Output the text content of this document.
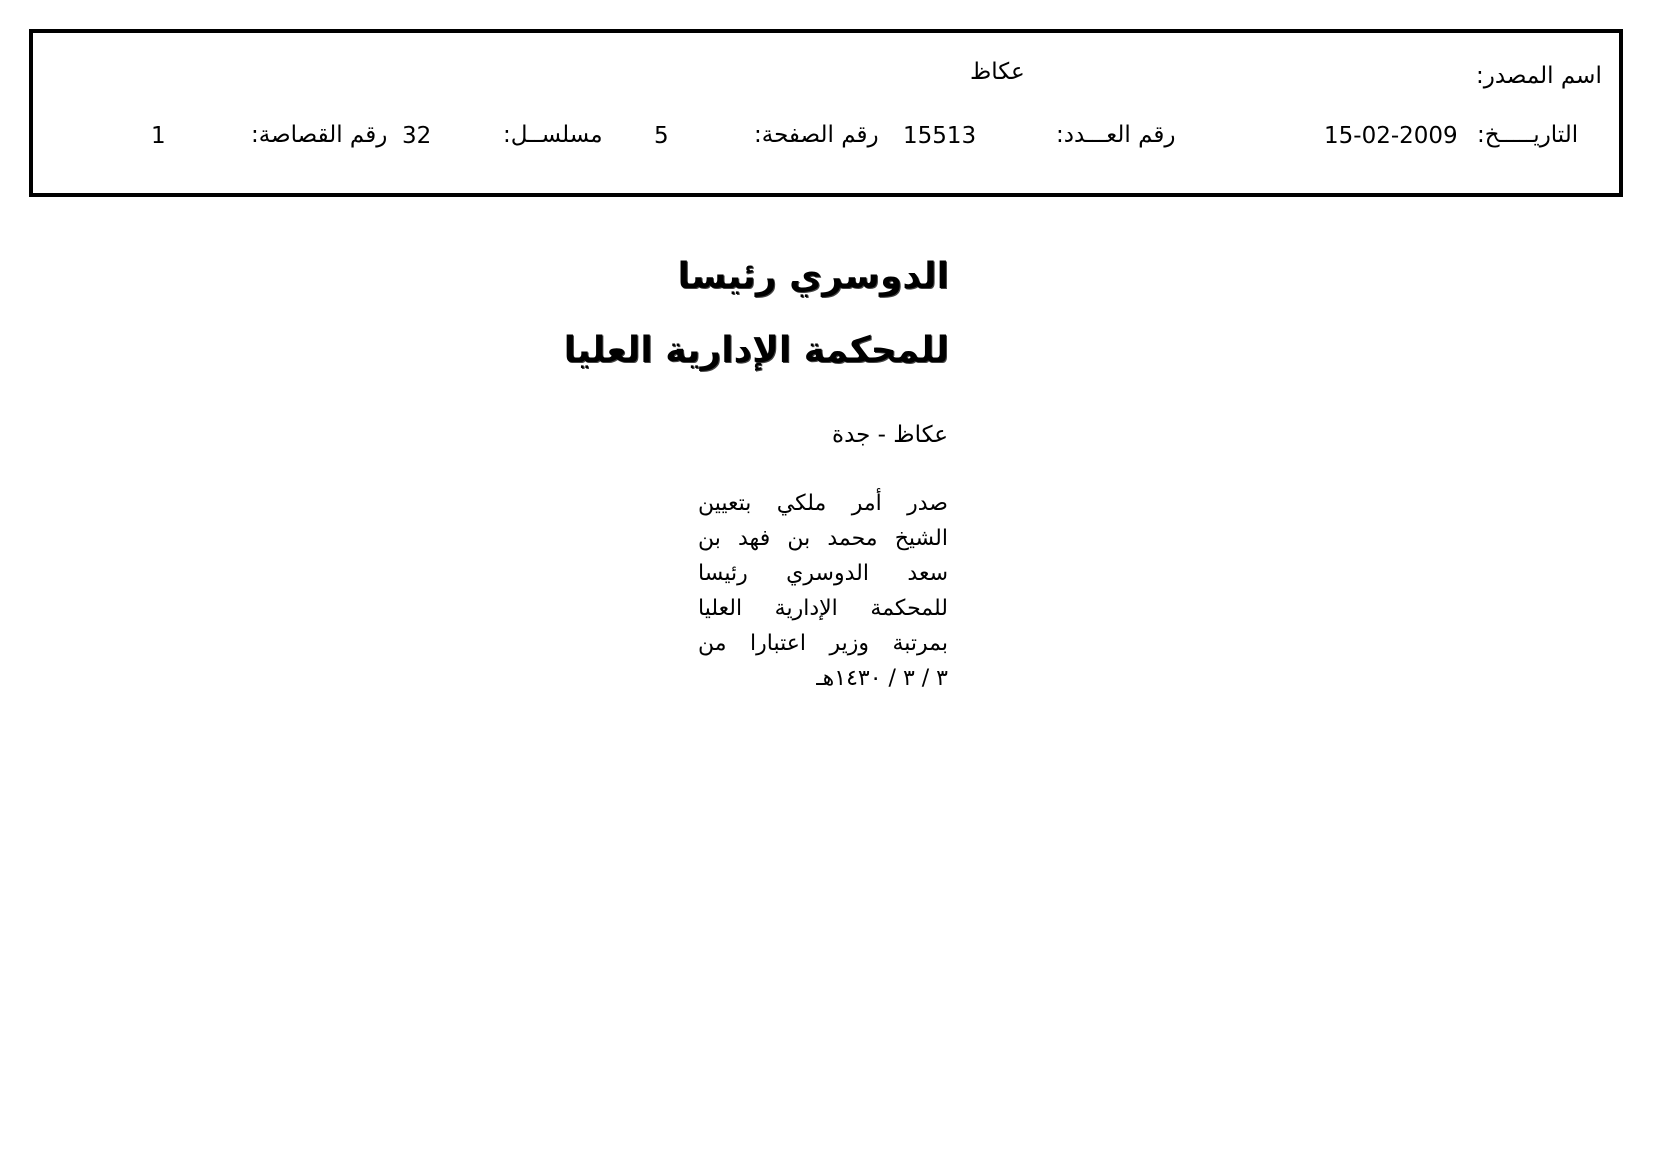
اسم المصدر:
عكاظ
التاريـــــخ:
15-02-2009
رقم العـــدد:
15513
رقم الصفحة:
5
مسلســل:
32
رقم القصاصة:
1
الدوسري رئيسا
للمحكمة الإدارية العليا
عكاظ - جدة
صدر أمر ملكي بتعيين
الشيخ محمد بن فهد بن
سعد الدوسري رئيسا
للمحكمة الإدارية العليا
بمرتبة وزير اعتبارا من
٣ / ٣ / ١٤٣٠هـ
